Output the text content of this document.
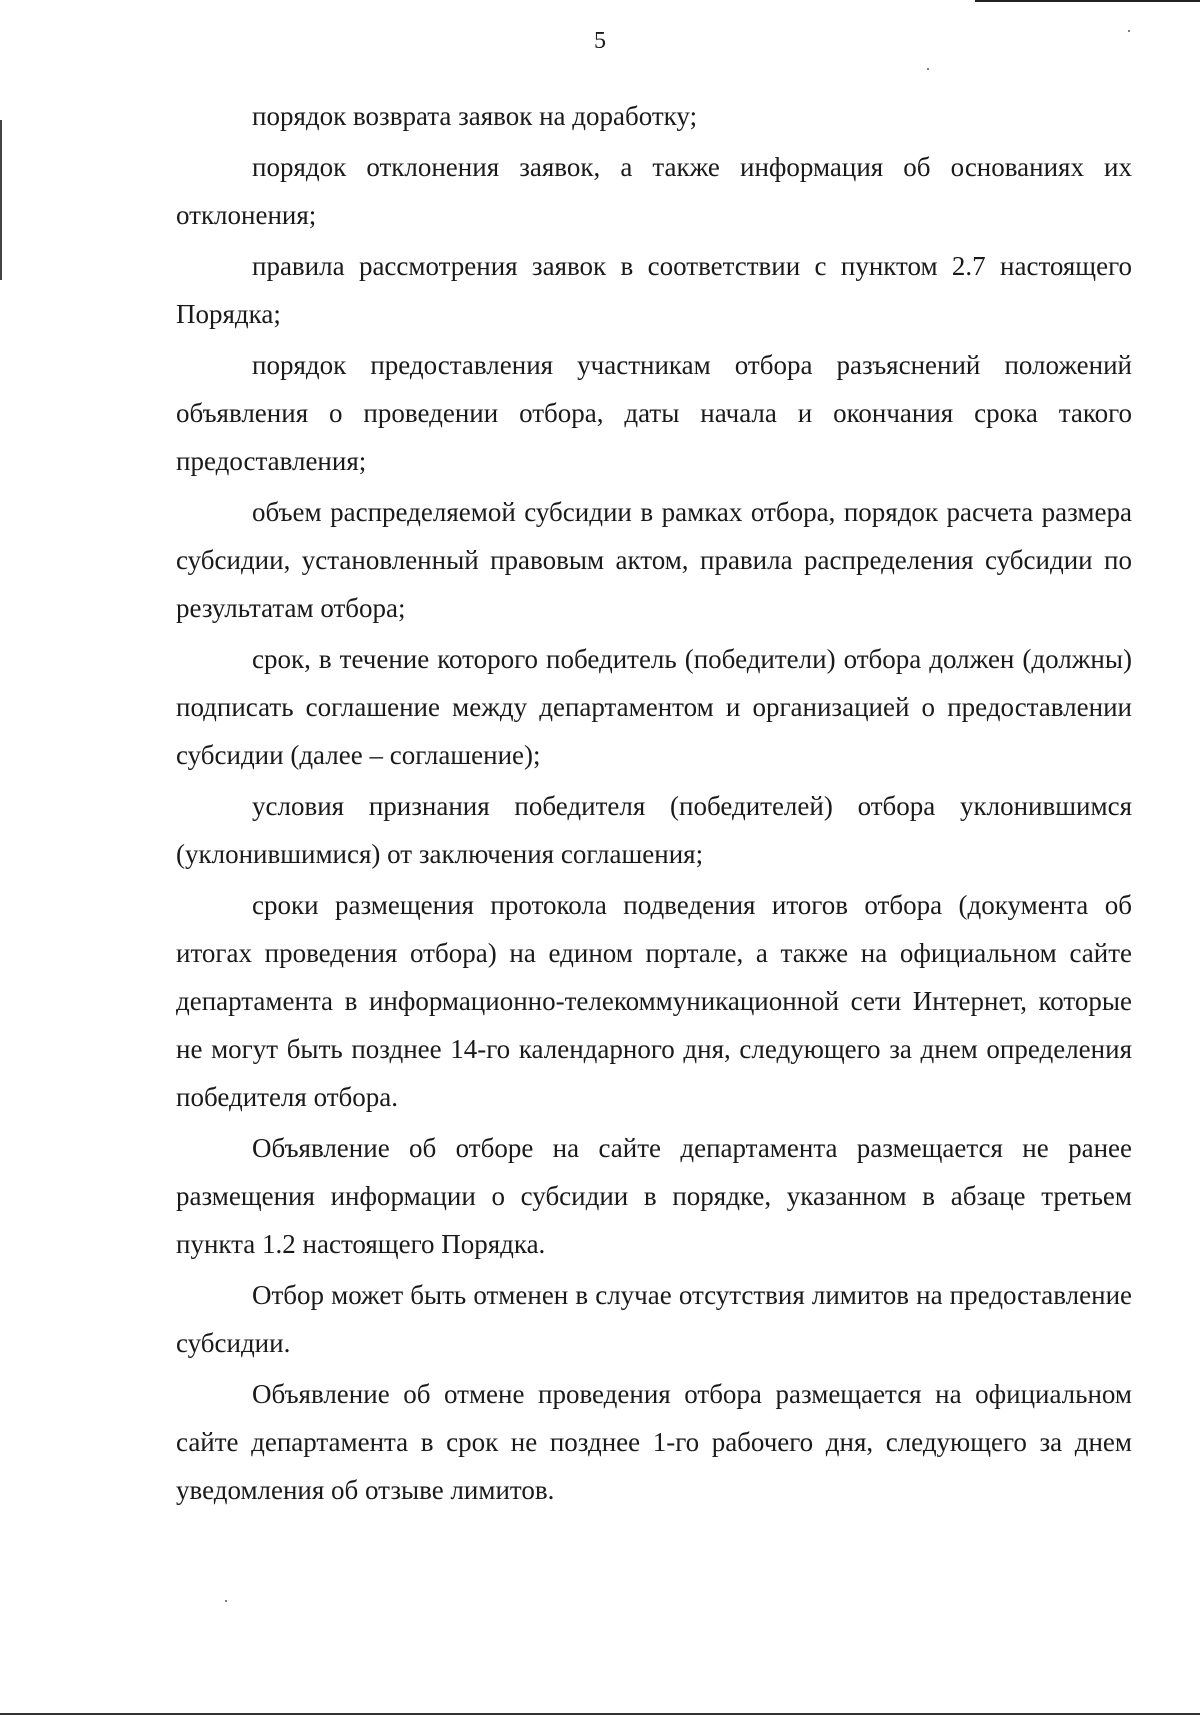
5

порядок возврата заявок на доработку;

порядок отклонения заявок, а также информация об основаниях их отклонения;

правила рассмотрения заявок в соответствии с пунктом 2.7 настоящего Порядка;

порядок предоставления участникам отбора разъяснений положений объявления о проведении отбора, даты начала и окончания срока такого предоставления;

объем распределяемой субсидии в рамках отбора, порядок расчета размера субсидии, установленный правовым актом, правила распределения субсидии по результатам отбора;

срок, в течение которого победитель (победители) отбора должен (должны) подписать соглашение между департаментом и организацией о предоставлении субсидии (далее – соглашение);

условия признания победителя (победителей) отбора уклонившимся (уклонившимися) от заключения соглашения;

сроки размещения протокола подведения итогов отбора (документа об итогах проведения отбора) на едином портале, а также на официальном сайте департамента в информационно-телекоммуникационной сети Интернет, которые не могут быть позднее 14-го календарного дня, следующего за днем определения победителя отбора.

Объявление об отборе на сайте департамента размещается не ранее размещения информации о субсидии в порядке, указанном в абзаце третьем пункта 1.2 настоящего Порядка.

Отбор может быть отменен в случае отсутствия лимитов на предоставление субсидии.

Объявление об отмене проведения отбора размещается на официальном сайте департамента в срок не позднее 1-го рабочего дня, следующего за днем уведомления об отзыве лимитов.
